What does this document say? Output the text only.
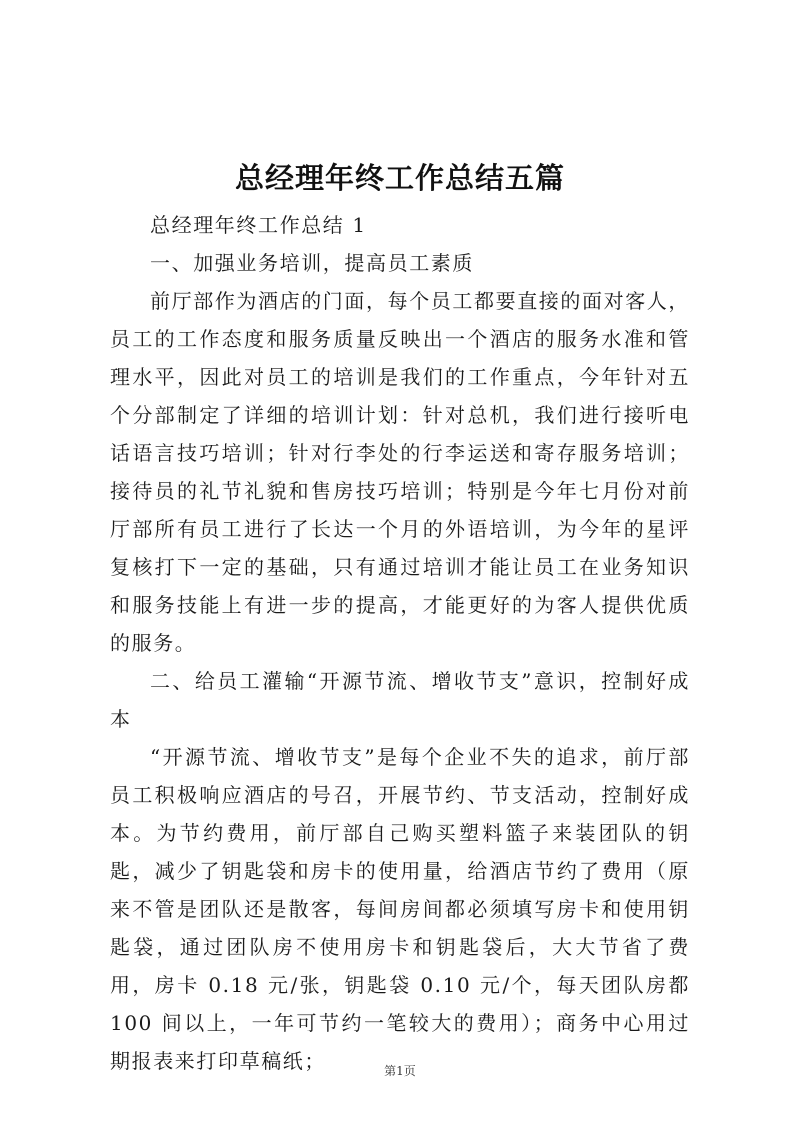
总经理年终工作总结五篇

总经理年终工作总结 1

一、加强业务培训，提高员工素质

前厅部作为酒店的门面，每个员工都要直接的面对客人，员工的工作态度和服务质量反映出一个酒店的服务水准和管理水平，因此对员工的培训是我们的工作重点，今年针对五个分部制定了详细的培训计划：针对总机，我们进行接听电话语言技巧培训；针对行李处的行李运送和寄存服务培训；接待员的礼节礼貌和售房技巧培训；特别是今年七月份对前厅部所有员工进行了长达一个月的外语培训，为今年的星评复核打下一定的基础，只有通过培训才能让员工在业务知识和服务技能上有进一步的提高，才能更好的为客人提供优质的服务。

二、给员工灌输“开源节流、增收节支”意识，控制好成本

“开源节流、增收节支”是每个企业不失的追求，前厅部员工积极响应酒店的号召，开展节约、节支活动，控制好成本。为节约费用，前厅部自己购买塑料篮子来装团队的钥匙，减少了钥匙袋和房卡的使用量，给酒店节约了费用（原来不管是团队还是散客，每间房间都必须填写房卡和使用钥匙袋，通过团队房不使用房卡和钥匙袋后，大大节省了费用，房卡 0.18 元/张，钥匙袋 0.10 元/个，每天团队房都 100 间以上，一年可节约一笔较大的费用）；商务中心用过期报表来打印草稿纸；	第1页
